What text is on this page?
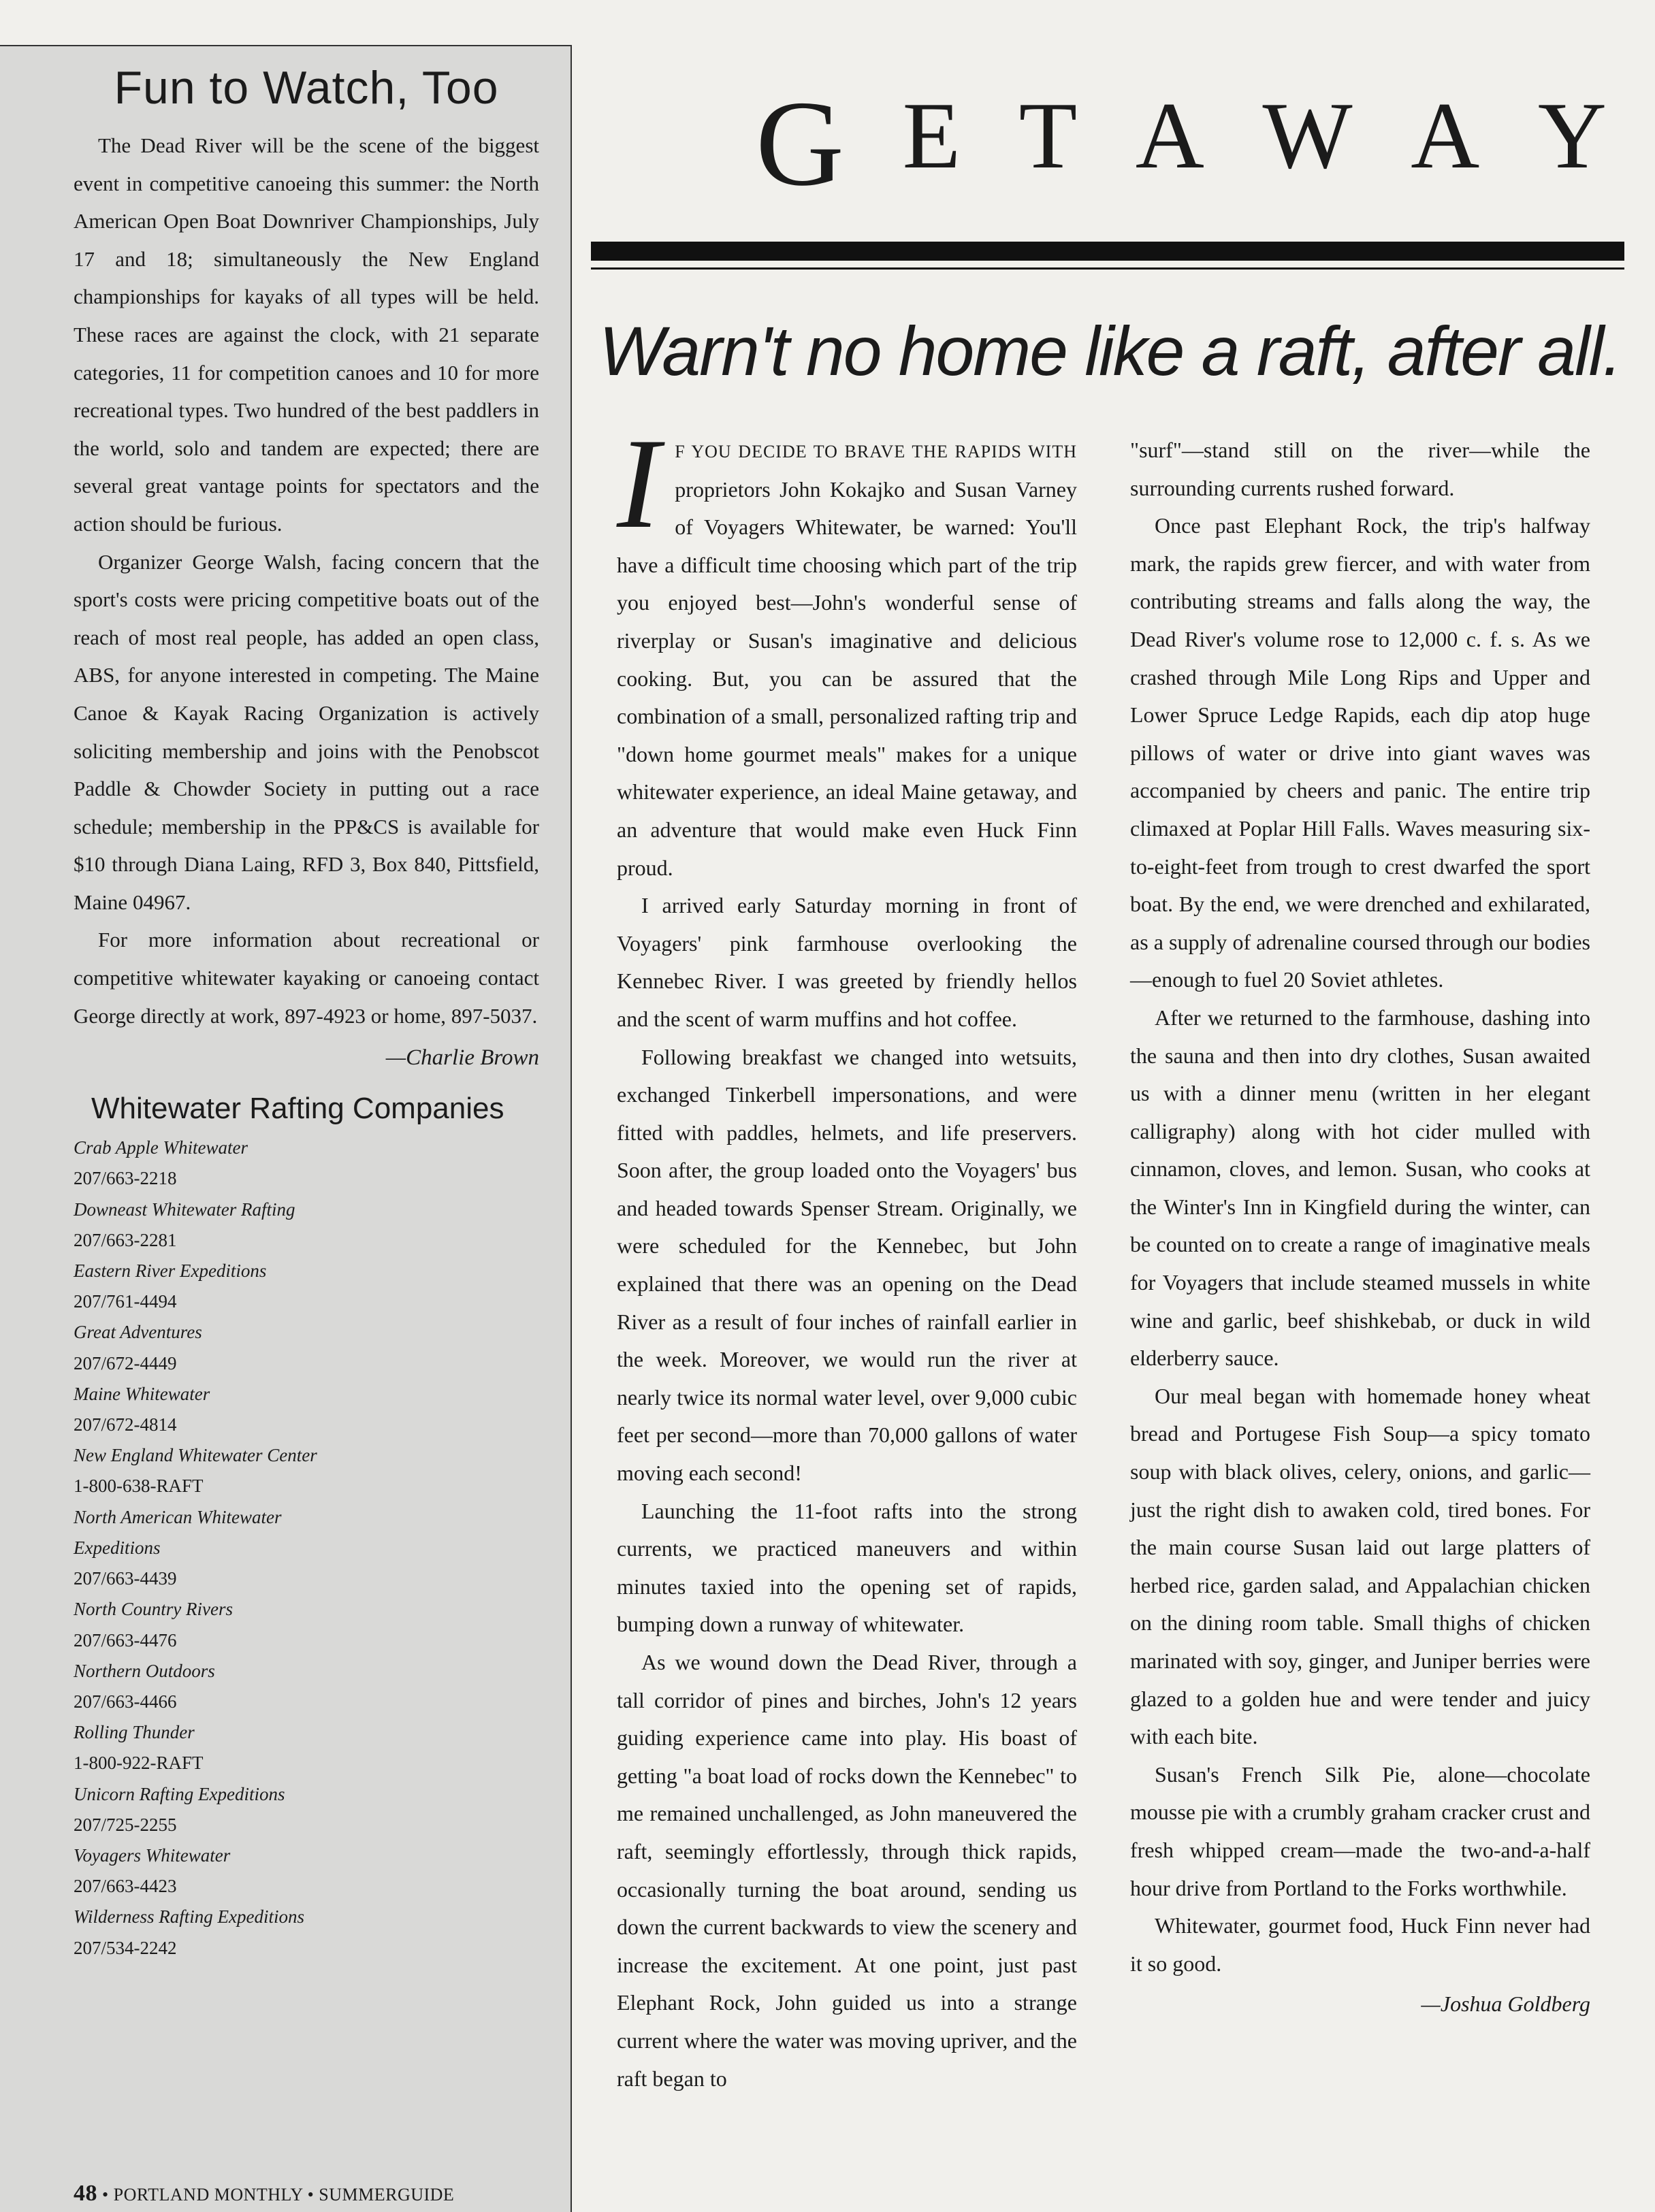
Fun to Watch, Too

The Dead River will be the scene of the biggest event in competitive canoeing this summer: the North American Open Boat Downriver Championships, July 17 and 18; simultaneously the New England championships for kayaks of all types will be held. These races are against the clock, with 21 separate categories, 11 for competition canoes and 10 for more recreational types. Two hundred of the best paddlers in the world, solo and tandem are expected; there are several great vantage points for spectators and the action should be furious.

Organizer George Walsh, facing concern that the sport's costs were pricing competitive boats out of the reach of most real people, has added an open class, ABS, for anyone interested in competing. The Maine Canoe & Kayak Racing Organization is actively soliciting membership and joins with the Penobscot Paddle & Chowder Society in putting out a race schedule; membership in the PP&CS is available for $10 through Diana Laing, RFD 3, Box 840, Pittsfield, Maine 04967.

For more information about recreational or competitive whitewater kayaking or canoeing contact George directly at work, 897-4923 or home, 897-5037.

—Charlie Brown

Whitewater Rafting Companies
Crab Apple Whitewater
207/663-2218
Downeast Whitewater Rafting
207/663-2281
Eastern River Expeditions
207/761-4494
Great Adventures
207/672-4449
Maine Whitewater
207/672-4814
New England Whitewater Center
1-800-638-RAFT
North American Whitewater Expeditions
207/663-4439
North Country Rivers
207/663-4476
Northern Outdoors
207/663-4466
Rolling Thunder
1-800-922-RAFT
Unicorn Rafting Expeditions
207/725-2255
Voyagers Whitewater
207/663-4423
Wilderness Rafting Expeditions
207/534-2242
48 • PORTLAND MONTHLY • SUMMERGUIDE
G E T A W A Y
Warn't no home like a raft, after all.

I F YOU DECIDE TO BRAVE THE RAPIDS WITH proprietors John Kokajko and Susan Varney of Voyagers Whitewater, be warned: You'll have a difficult time choosing which part of the trip you enjoyed best—John's wonderful sense of riverplay or Susan's imaginative and delicious cooking. But, you can be assured that the combination of a small, personalized rafting trip and "down home gourmet meals" makes for a unique whitewater experience, an ideal Maine getaway, and an adventure that would make even Huck Finn proud.

I arrived early Saturday morning in front of Voyagers' pink farmhouse overlooking the Kennebec River. I was greeted by friendly hellos and the scent of warm muffins and hot coffee.

Following breakfast we changed into wetsuits, exchanged Tinkerbell impersonations, and were fitted with paddles, helmets, and life preservers. Soon after, the group loaded onto the Voyagers' bus and headed towards Spenser Stream. Originally, we were scheduled for the Kennebec, but John explained that there was an opening on the Dead River as a result of four inches of rainfall earlier in the week. Moreover, we would run the river at nearly twice its normal water level, over 9,000 cubic feet per second—more than 70,000 gallons of water moving each second!

Launching the 11-foot rafts into the strong currents, we practiced maneuvers and within minutes taxied into the opening set of rapids, bumping down a runway of whitewater.

As we wound down the Dead River, through a tall corridor of pines and birches, John's 12 years guiding experience came into play. His boast of getting "a boat load of rocks down the Kennebec" to me remained unchallenged, as John maneuvered the raft, seemingly effortlessly, through thick rapids, occasionally turning the boat around, sending us down the current backwards to view the scenery and increase the excitement. At one point, just past Elephant Rock, John guided us into a strange current where the water was moving upriver, and the raft began to

"surf"—stand still on the river—while the surrounding currents rushed forward.

Once past Elephant Rock, the trip's halfway mark, the rapids grew fiercer, and with water from contributing streams and falls along the way, the Dead River's volume rose to 12,000 c. f. s. As we crashed through Mile Long Rips and Upper and Lower Spruce Ledge Rapids, each dip atop huge pillows of water or drive into giant waves was accompanied by cheers and panic. The entire trip climaxed at Poplar Hill Falls. Waves measuring six-to-eight-feet from trough to crest dwarfed the sport boat. By the end, we were drenched and exhilarated, as a supply of adrenaline coursed through our bodies—enough to fuel 20 Soviet athletes.

After we returned to the farmhouse, dashing into the sauna and then into dry clothes, Susan awaited us with a dinner menu (written in her elegant calligraphy) along with hot cider mulled with cinnamon, cloves, and lemon. Susan, who cooks at the Winter's Inn in Kingfield during the winter, can be counted on to create a range of imaginative meals for Voyagers that include steamed mussels in white wine and garlic, beef shishkebab, or duck in wild elderberry sauce.

Our meal began with homemade honey wheat bread and Portugese Fish Soup—a spicy tomato soup with black olives, celery, onions, and garlic—just the right dish to awaken cold, tired bones. For the main course Susan laid out large platters of herbed rice, garden salad, and Appalachian chicken on the dining room table. Small thighs of chicken marinated with soy, ginger, and Juniper berries were glazed to a golden hue and were tender and juicy with each bite.

Susan's French Silk Pie, alone—chocolate mousse pie with a crumbly graham cracker crust and fresh whipped cream—made the two-and-a-half hour drive from Portland to the Forks worthwhile.

Whitewater, gourmet food, Huck Finn never had it so good.

—Joshua Goldberg
